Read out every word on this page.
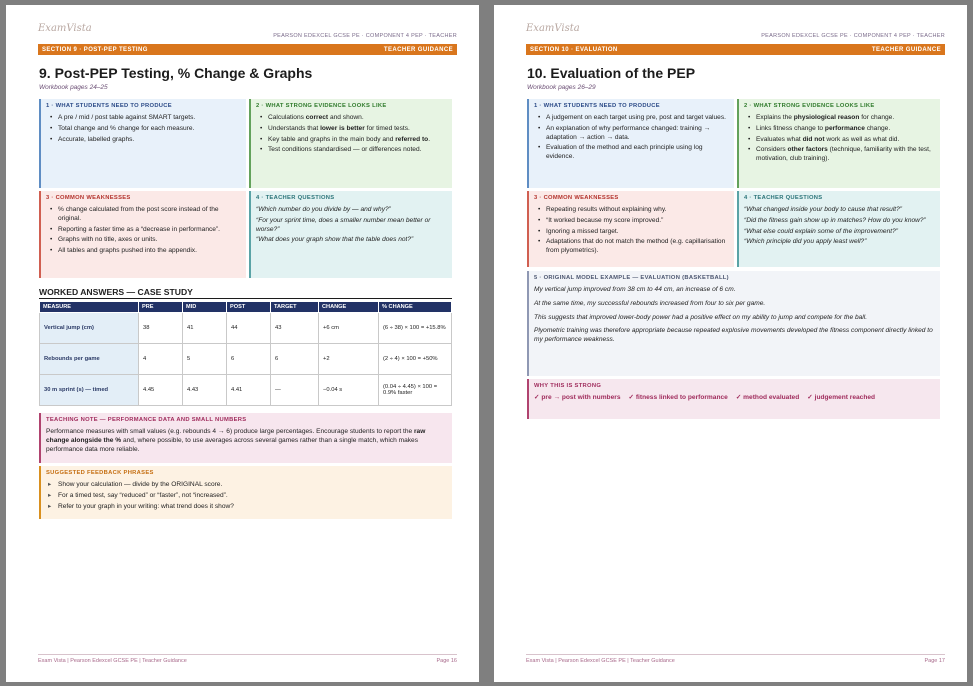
ExamVista
PEARSON EDEXCEL GCSE PE · COMPONENT 4 PEP · TEACHER
SECTION 9 · POST-PEP TESTING	TEACHER GUIDANCE
9. Post-PEP Testing, % Change & Graphs
Workbook pages 24–25
1 · WHAT STUDENTS NEED TO PRODUCE
• A pre / mid / post table against SMART targets.
• Total change and % change for each measure.
• Accurate, labelled graphs.
2 · WHAT STRONG EVIDENCE LOOKS LIKE
• Calculations correct and shown.
• Understands that lower is better for timed tests.
• Key table and graphs in the main body and referred to.
• Test conditions standardised — or differences noted.
3 · COMMON WEAKNESSES
• % change calculated from the post score instead of the original.
• Reporting a faster time as a “decrease in performance”.
• Graphs with no title, axes or units.
• All tables and graphs pushed into the appendix.
4 · TEACHER QUESTIONS

“Which number do you divide by — and why?”

“For your sprint time, does a smaller number mean better or worse?”

“What does your graph show that the table does not?”

WORKED ANSWERS — CASE STUDY
MEASURE	PRE	MID	POST	TARGET	CHANGE	% CHANGE
Vertical jump (cm)	38	41	44	43	+6 cm	(6 ÷ 38) × 100 = +15.8%
Rebounds per game	4	5	6	6	+2	(2 ÷ 4) × 100 = +50%
30 m sprint (s) — timed	4.45	4.43	4.41	—	−0.04 s	(0.04 ÷ 4.45) × 100 = 0.9% faster
TEACHING NOTE — PERFORMANCE DATA AND SMALL NUMBERS

Performance measures with small values (e.g. rebounds 4 → 6) produce large percentages. Encourage students to report the raw change alongside the % and, where possible, to use averages across several games rather than a single match, which makes performance data more reliable.

SUGGESTED FEEDBACK PHRASES
▸ Show your calculation — divide by the ORIGINAL score.
▸ For a timed test, say “reduced” or “faster”, not “increased”.
▸ Refer to your graph in your writing: what trend does it show?
Exam Vista | Pearson Edexcel GCSE PE | Teacher Guidance	Page 16
ExamVista
PEARSON EDEXCEL GCSE PE · COMPONENT 4 PEP · TEACHER
SECTION 10 · EVALUATION	TEACHER GUIDANCE
10. Evaluation of the PEP
Workbook pages 26–29
1 · WHAT STUDENTS NEED TO PRODUCE
• A judgement on each target using pre, post and target values.
• An explanation of why performance changed: training → adaptation → action → data.
• Evaluation of the method and each principle using log evidence.
2 · WHAT STRONG EVIDENCE LOOKS LIKE
• Explains the physiological reason for change.
• Links fitness change to performance change.
• Evaluates what did not work as well as what did.
• Considers other factors (technique, familiarity with the test, motivation, club training).
3 · COMMON WEAKNESSES
• Repeating results without explaining why.
• “It worked because my score improved.”
• Ignoring a missed target.
• Adaptations that do not match the method (e.g. capillarisation from plyometrics).
4 · TEACHER QUESTIONS

“What changed inside your body to cause that result?”

“Did the fitness gain show up in matches? How do you know?”

“What else could explain some of the improvement?”

“Which principle did you apply least well?”

5 · ORIGINAL MODEL EXAMPLE — EVALUATION (BASKETBALL)

My vertical jump improved from 38 cm to 44 cm, an increase of 6 cm.

At the same time, my successful rebounds increased from four to six per game.

This suggests that improved lower-body power had a positive effect on my ability to jump and compete for the ball.

Plyometric training was therefore appropriate because repeated explosive movements developed the fitness component directly linked to my performance weakness.

WHY THIS IS STRONG
✓ pre → post with numbers ✓ fitness linked to performance ✓ method evaluated ✓ judgement reached
Exam Vista | Pearson Edexcel GCSE PE | Teacher Guidance	Page 17
